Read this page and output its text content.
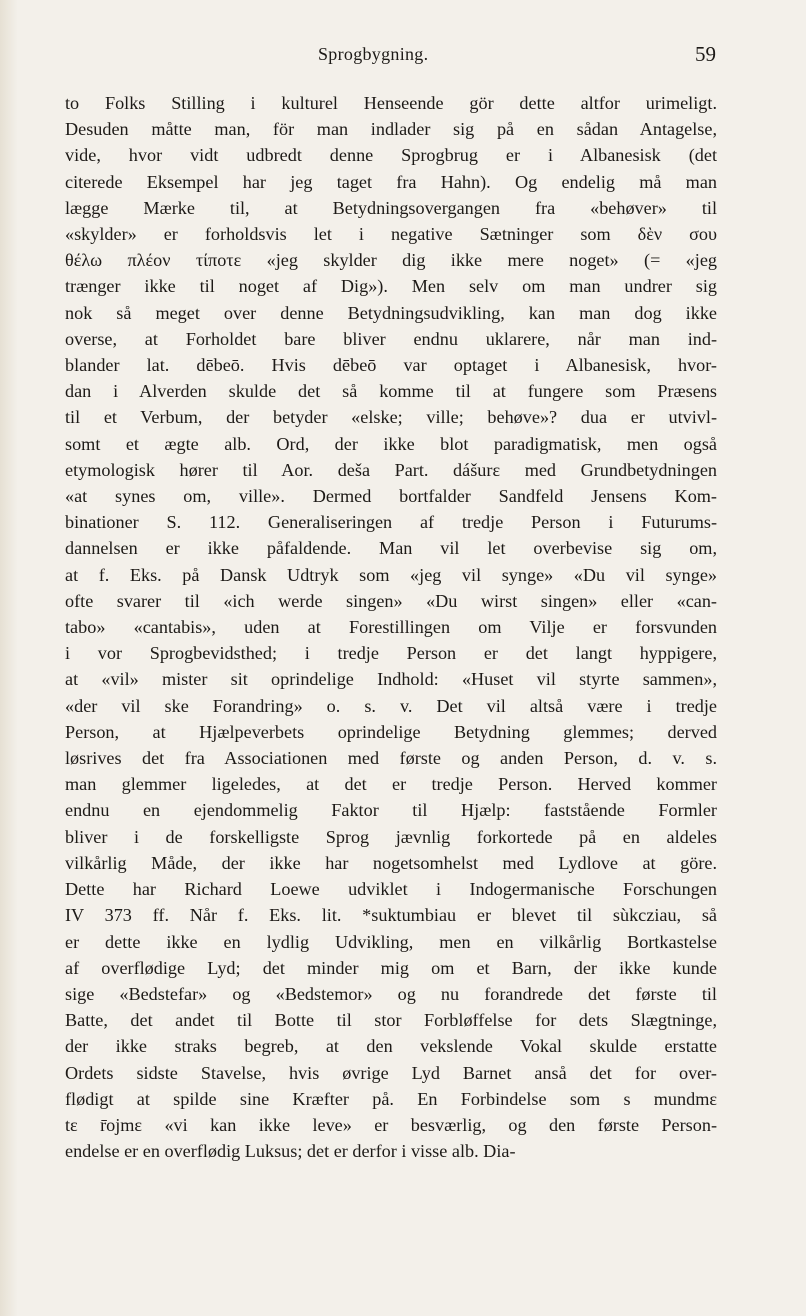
Sprogbygning.	59
to Folks Stilling i kulturel Henseende gör dette altfor urimeligt.
Desuden måtte man, för man indlader sig på en sådan Antagelse,
vide, hvor vidt udbredt denne Sprogbrug er i Albanesisk (det
citerede Eksempel har jeg taget fra Hahn). Og endelig må man
lægge Mærke til, at Betydningsovergangen fra «behøver» til
«skylder» er forholdsvis let i negative Sætninger som δὲν σου
θέλω πλέον τίποτε «jeg skylder dig ikke mere noget» (= «jeg
trænger ikke til noget af Dig»). Men selv om man undrer sig
nok så meget over denne Betydningsudvikling, kan man dog ikke
overse, at Forholdet bare bliver endnu uklarere, når man ind-
blander lat. dēbeō. Hvis dēbeō var optaget i Albanesisk, hvor-
dan i Alverden skulde det så komme til at fungere som Præsens
til et Verbum, der betyder «elske; ville; behøve»? dua er utvivl-
somt et ægte alb. Ord, der ikke blot paradigmatisk, men også
etymologisk hører til Aor. deša Part. dášurε med Grundbetydningen
«at synes om, ville». Dermed bortfalder Sandfeld Jensens Kom-
binationer S. 112. Generaliseringen af tredje Person i Futurums-
dannelsen er ikke påfaldende. Man vil let overbevise sig om,
at f. Eks. på Dansk Udtryk som «jeg vil synge» «Du vil synge»
ofte svarer til «ich werde singen» «Du wirst singen» eller «can-
tabo» «cantabis», uden at Forestillingen om Vilje er forsvunden
i vor Sprogbevidsthed; i tredje Person er det langt hyppigere,
at «vil» mister sit oprindelige Indhold: «Huset vil styrte sammen»,
«der vil ske Forandring» o. s. v. Det vil altså være i tredje
Person, at Hjælpeverbets oprindelige Betydning glemmes; derved
løsrives det fra Associationen med første og anden Person, d. v. s.
man glemmer ligeledes, at det er tredje Person. Herved kommer
endnu en ejendommelig Faktor til Hjælp: faststående Formler
bliver i de forskelligste Sprog jævnlig forkortede på en aldeles
vilkårlig Måde, der ikke har nogetsomhelst med Lydlove at göre.
Dette har Richard Loewe udviklet i Indogermanische Forschungen
IV 373 ff. Når f. Eks. lit. *suktumbiau er blevet til sùkcziau, så
er dette ikke en lydlig Udvikling, men en vilkårlig Bortkastelse
af overflødige Lyd; det minder mig om et Barn, der ikke kunde
sige «Bedstefar» og «Bedstemor» og nu forandrede det første til
Batte, det andet til Botte til stor Forbløffelse for dets Slægtninge,
der ikke straks begreb, at den vekslende Vokal skulde erstatte
Ordets sidste Stavelse, hvis øvrige Lyd Barnet anså det for over-
flødigt at spilde sine Kræfter på. En Forbindelse som s mundmε
tε r̄ojmε «vi kan ikke leve» er besværlig, og den første Person-
endelse er en overflødig Luksus; det er derfor i visse alb. Dia-
